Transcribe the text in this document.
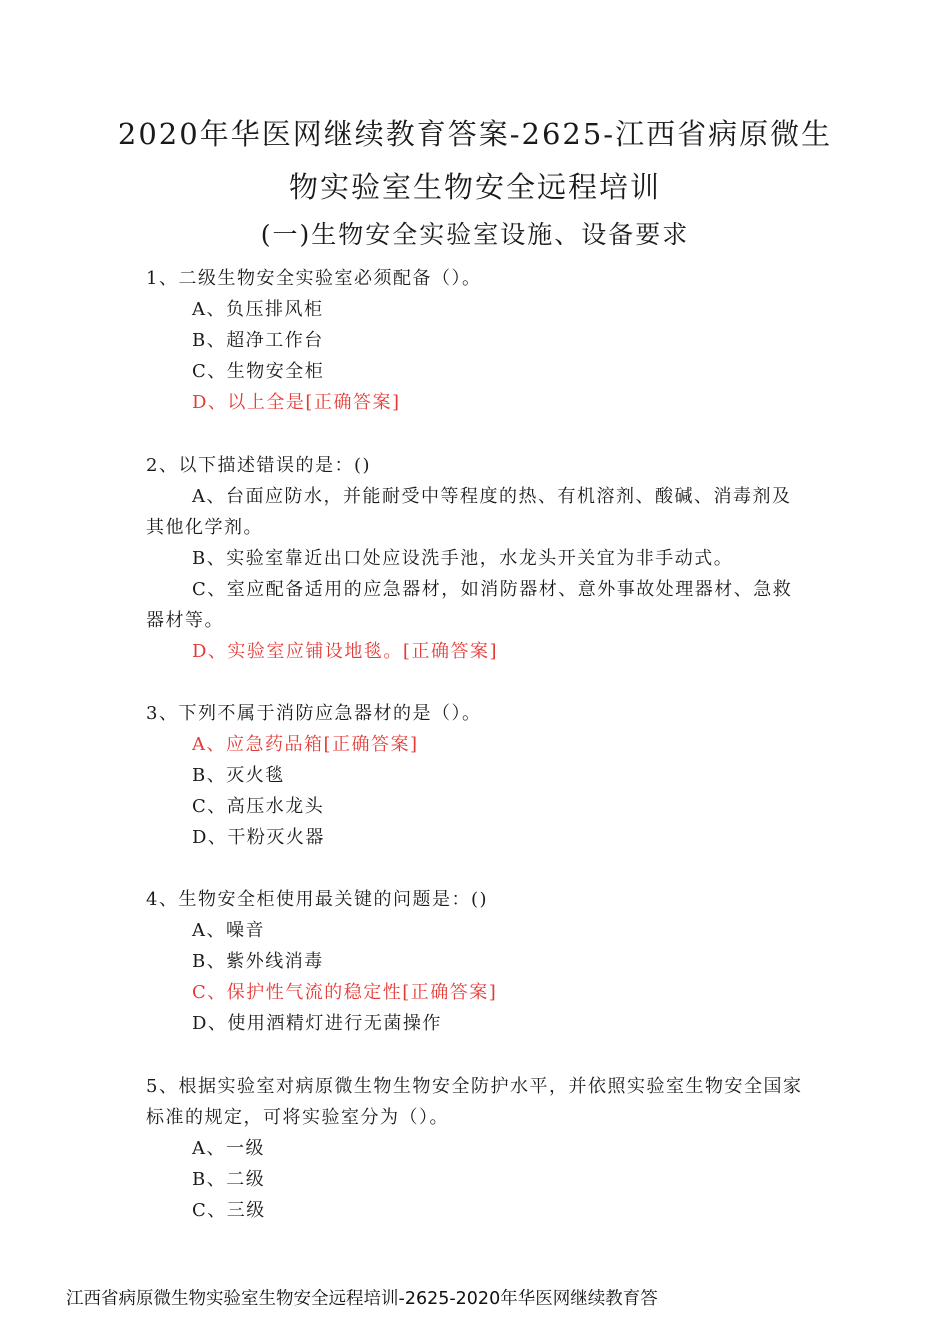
2020年华医网继续教育答案-2625-江西省病原微生
物实验室生物安全远程培训
(一)生物安全实验室设施、设备要求
1、二级生物安全实验室必须配备（）。
A、负压排风柜
B、超净工作台
C、生物安全柜
D、以上全是[正确答案]
2、以下描述错误的是：()
A、台面应防水，并能耐受中等程度的热、有机溶剂、酸碱、消毒剂及其他化学剂。
B、实验室靠近出口处应设洗手池，水龙头开关宜为非手动式。
C、室应配备适用的应急器材，如消防器材、意外事故处理器材、急救器材等。
D、实验室应铺设地毯。[正确答案]
3、下列不属于消防应急器材的是（）。
A、应急药品箱[正确答案]
B、灭火毯
C、高压水龙头
D、干粉灭火器
4、生物安全柜使用最关键的问题是：()
A、噪音
B、紫外线消毒
C、保护性气流的稳定性[正确答案]
D、使用酒精灯进行无菌操作
5、根据实验室对病原微生物生物安全防护水平，并依照实验室生物安全国家标准的规定，可将实验室分为（）。
A、一级
B、二级
C、三级
江西省病原微生物实验室生物安全远程培训-2625-2020年华医网继续教育答
